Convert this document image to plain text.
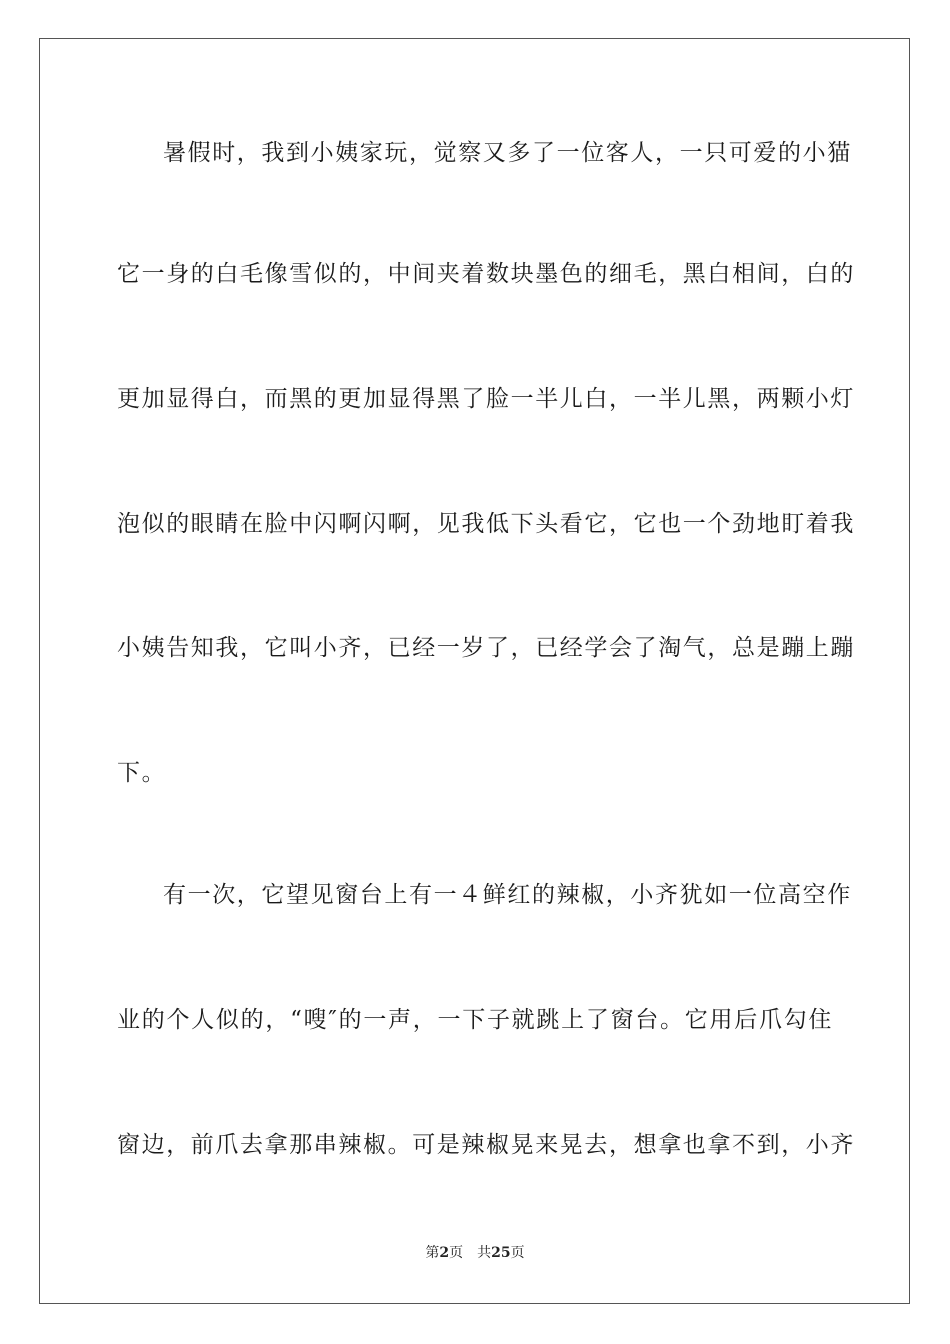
暑假时，我到小姨家玩，觉察又多了一位客人，一只可爱的小猫
它一身的白毛像雪似的，中间夹着数块墨色的细毛，黑白相间，白的
更加显得白，而黑的更加显得黑了脸一半儿白，一半儿黑，两颗小灯
泡似的眼睛在脸中闪啊闪啊，见我低下头看它，它也一个劲地盯着我
小姨告知我，它叫小齐，已经一岁了，已经学会了淘气，总是蹦上蹦
下。
有一次，它望见窗台上有一４鲜红的辣椒，小齐犹如一位高空作
业的个人似的，“嗖″的一声，一下子就跳上了窗台。它用后爪勾住
窗边，前爪去拿那串辣椒。可是辣椒晃来晃去，想拿也拿不到，小齐
第2页 共25页
